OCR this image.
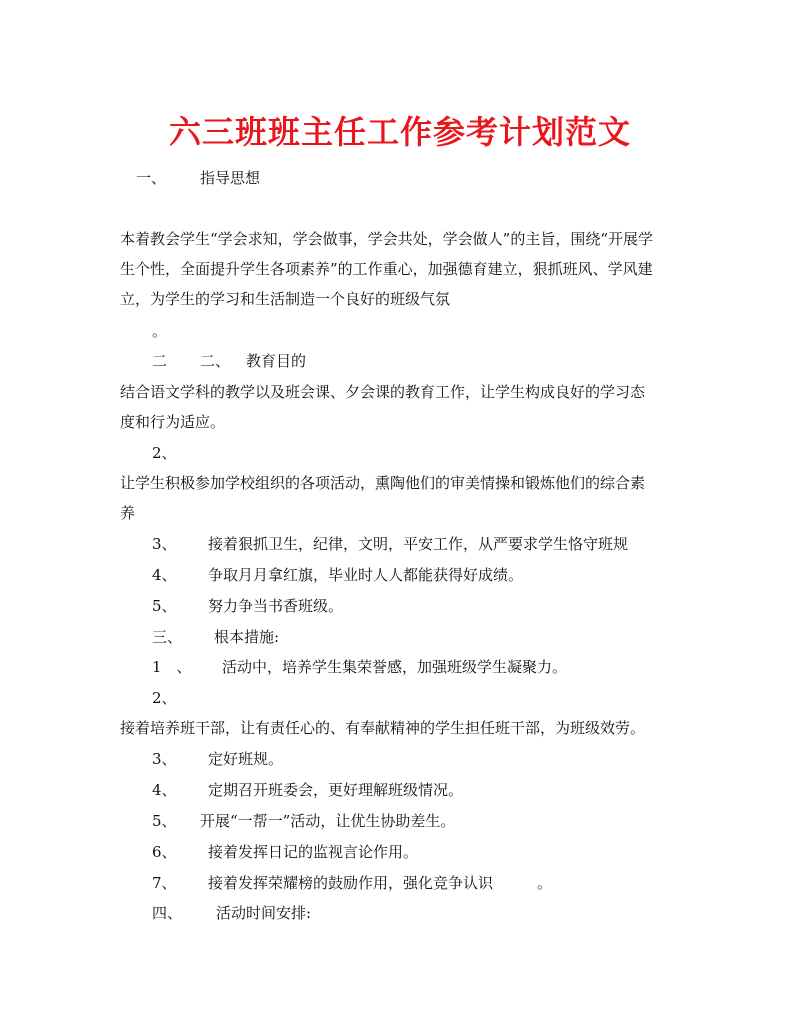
六三班班主任工作参考计划范文
一、 指导思想
本着教会学生“学会求知，学会做事，学会共处，学会做人”的主旨，围绕“开展学
生个性，全面提升学生各项素养”的工作重心，加强德育建立，狠抓班风、学风建
立，为学生的学习和生活制造一个良好的班级气氛
。
二 二、 教育目的
结合语文学科的教学以及班会课、夕会课的教育工作，让学生构成良好的学习态
度和行为适应。
2、
让学生积极参加学校组织的各项活动，熏陶他们的审美情操和锻炼他们的综合素
养
3、 接着狠抓卫生，纪律，文明，平安工作，从严要求学生恪守班规
4、 争取月月拿红旗，毕业时人人都能获得好成绩。
5、 努力争当书香班级。
三、 根本措施:
1　、 活动中，培养学生集荣誉感，加强班级学生凝聚力。
2、
接着培养班干部，让有责任心的、有奉献精神的学生担任班干部，为班级效劳。
3、 定好班规。
4、 定期召开班委会，更好理解班级情况。
5、 开展“一帮一”活动，让优生协助差生。
6、 接着发挥日记的监视言论作用。
7、 接着发挥荣耀榜的鼓励作用，强化竞争认识	。
四、 活动时间安排:
